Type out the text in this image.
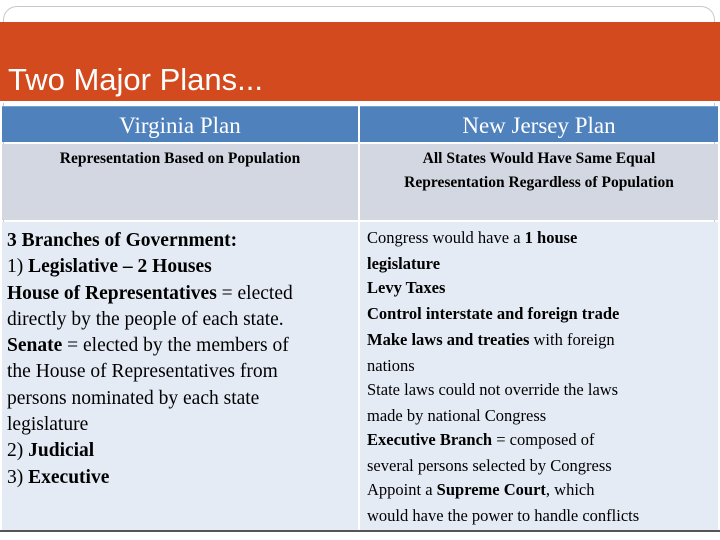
Two Major Plans...
Virginia Plan	New Jersey Plan
Representation Based on Population	All States Would Have Same Equal Representation Regardless of Population
3 Branches of Government:
1) Legislative – 2 Houses
House of Representatives = elected
directly by the people of each state.
Senate = elected by the members of
the House of Representatives from
persons nominated by each state
legislature
2) Judicial
3) Executive
Congress would have a 1 house
legislature
Levy Taxes
Control interstate and foreign trade
Make laws and treaties with foreign
nations
State laws could not override the laws
made by national Congress
Executive Branch = composed of
several persons selected by Congress
Appoint a Supreme Court, which
would have the power to handle conflicts
